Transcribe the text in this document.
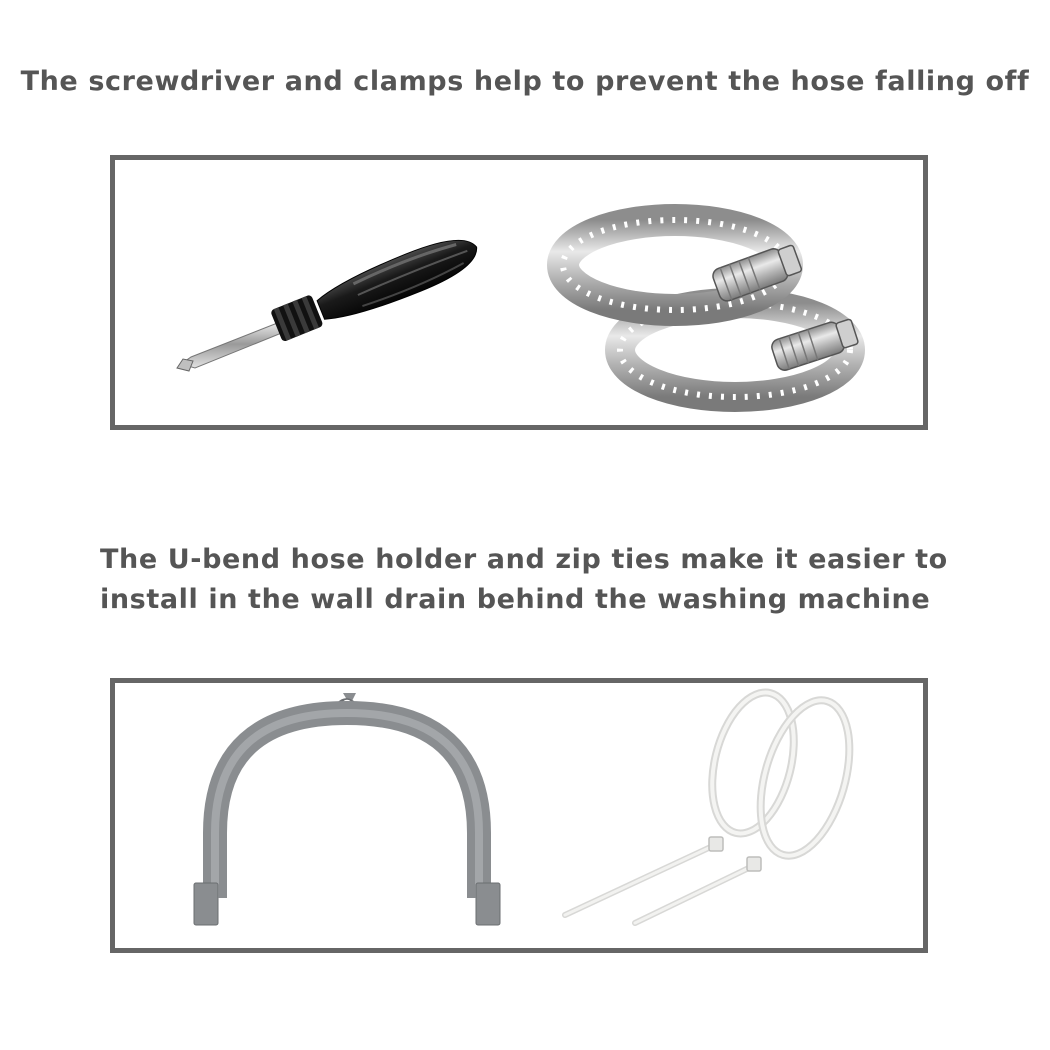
The screwdriver and clamps help to prevent the hose falling off

The U-bend hose holder and zip ties make it easier to
install in the wall drain behind the washing machine
